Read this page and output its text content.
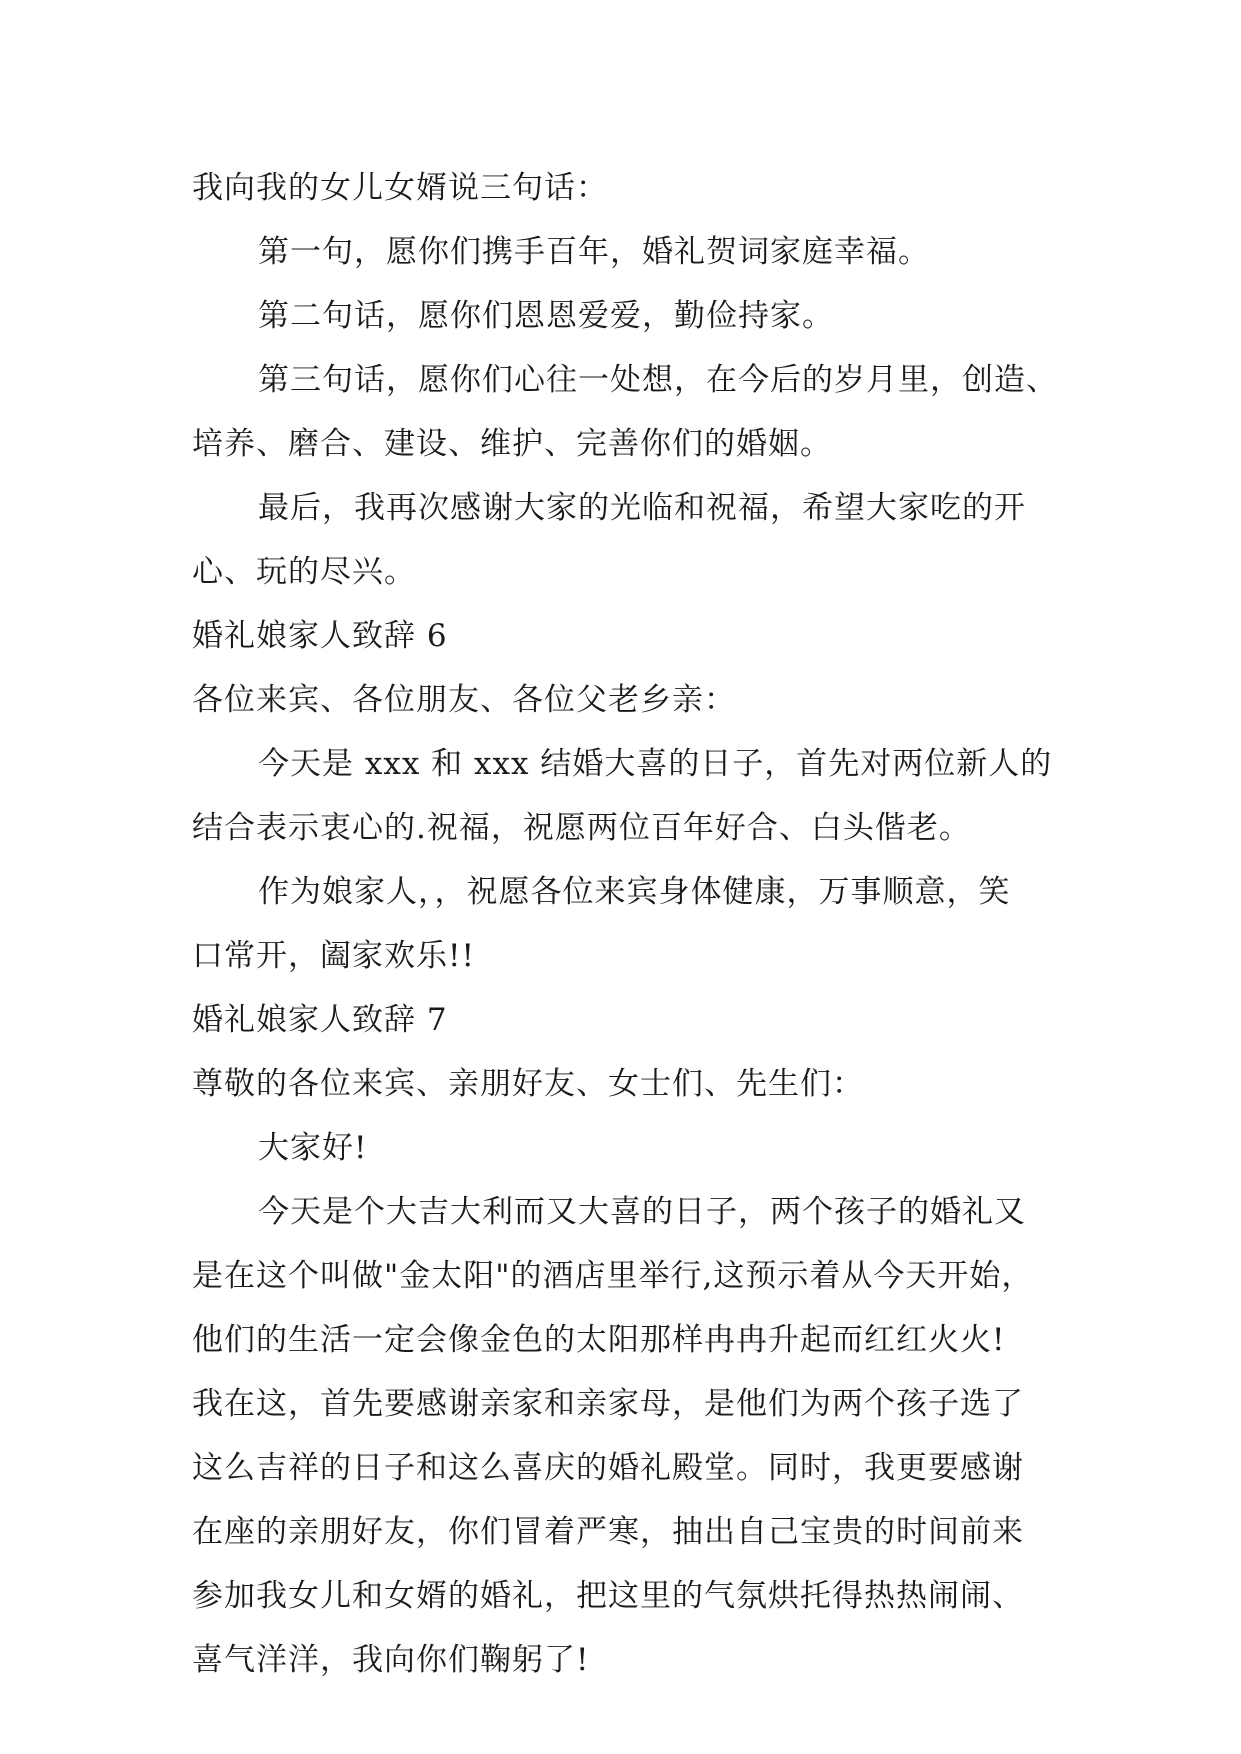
我向我的女儿女婿说三句话：
第一句，愿你们携手百年，婚礼贺词家庭幸福。
第二句话，愿你们恩恩爱爱，勤俭持家。
第三句话，愿你们心往一处想，在今后的岁月里，创造、
培养、磨合、建设、维护、完善你们的婚姻。
最后，我再次感谢大家的光临和祝福，希望大家吃的开
心、玩的尽兴。
婚礼娘家人致辞 6
各位来宾、各位朋友、各位父老乡亲：
今天是 xxx 和 xxx 结婚大喜的日子，首先对两位新人的
结合表示衷心的.祝福，祝愿两位百年好合、白头偕老。
作为娘家人，，祝愿各位来宾身体健康，万事顺意，笑
口常开，阖家欢乐!!
婚礼娘家人致辞 7
尊敬的各位来宾、亲朋好友、女士们、先生们：
大家好!
今天是个大吉大利而又大喜的日子，两个孩子的婚礼又
是在这个叫做"金太阳"的酒店里举行,这预示着从今天开始，
他们的生活一定会像金色的太阳那样冉冉升起而红红火火!
我在这，首先要感谢亲家和亲家母，是他们为两个孩子选了
这么吉祥的日子和这么喜庆的婚礼殿堂。同时，我更要感谢
在座的亲朋好友，你们冒着严寒，抽出自己宝贵的时间前来
参加我女儿和女婿的婚礼，把这里的气氛烘托得热热闹闹、
喜气洋洋，我向你们鞠躬了!
